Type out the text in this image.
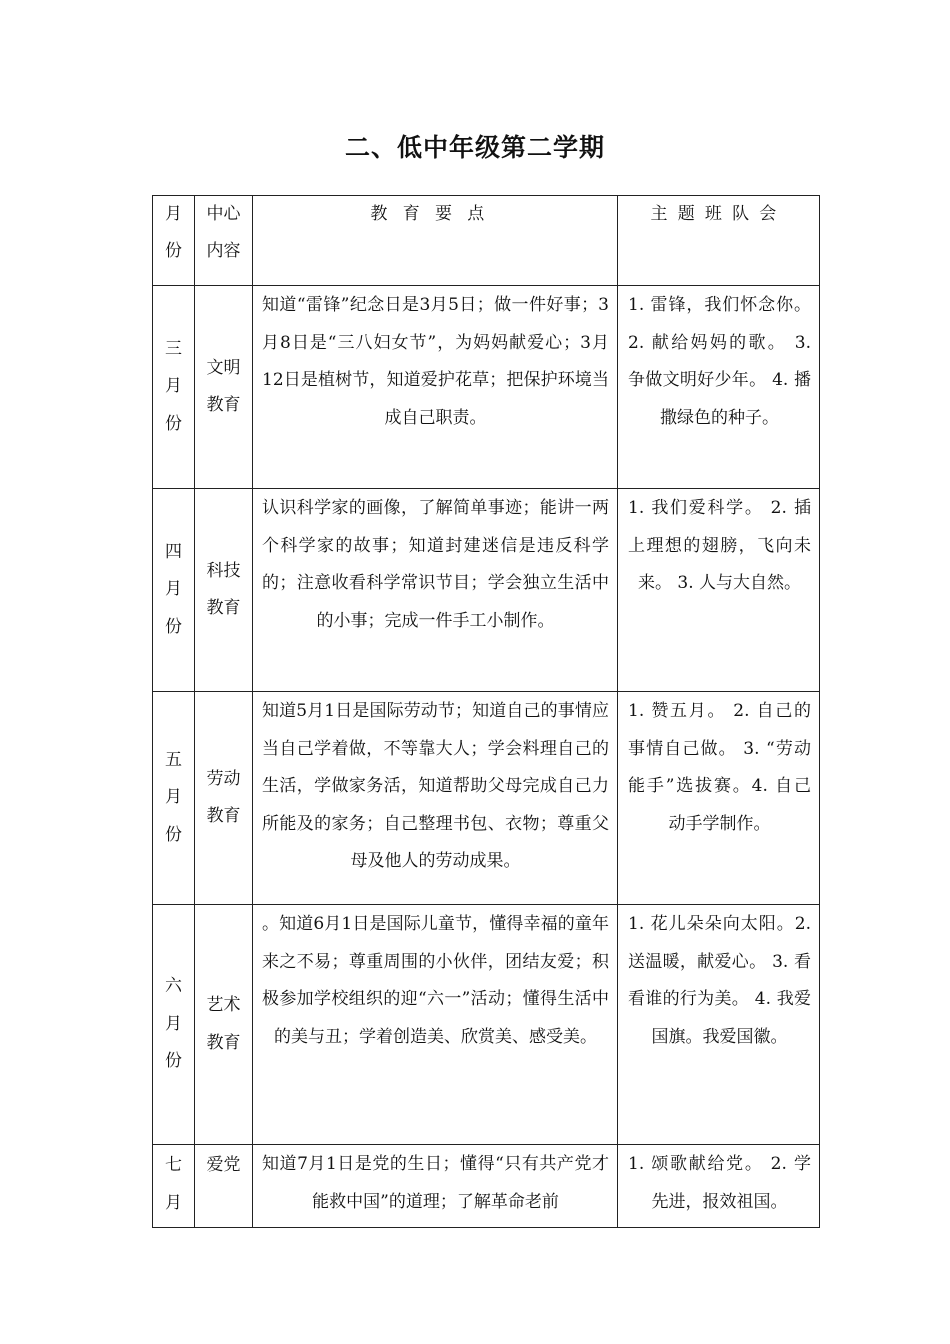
二、低中年级第二学期
月
份	中心
内容	教育要点	主题班队会

三
月
份	文明
教育	知道“雷锋”纪念日是3月5日；做一件好事；3月8日是“三八妇女节”，为妈妈献爱心；3月12日是植树节，知道爱护花草；把保护环境当成自己职责。	1. 雷锋，我们怀念你。2. 献给妈妈的歌。 3. 争做文明好少年。 4. 播撒绿色的种子。

四
月
份	科技
教育	认识科学家的画像，了解简单事迹；能讲一两个科学家的故事；知道封建迷信是违反科学的；注意收看科学常识节目；学会独立生活中的小事；完成一件手工小制作。	1. 我们爱科学。 2. 插上理想的翅膀，飞向未来。 3. 人与大自然。

五
月
份	劳动
教育	知道5月1日是国际劳动节；知道自己的事情应当自己学着做，不等靠大人；学会料理自己的生活，学做家务活，知道帮助父母完成自己力所能及的家务；自己整理书包、衣物；尊重父母及他人的劳动成果。	1. 赞五月。 2. 自己的事情自己做。 3. “劳动能手”选拔赛。4. 自己动手学制作。

六
月
份	艺术
教育	。知道6月1日是国际儿童节，懂得幸福的童年来之不易；尊重周围的小伙伴，团结友爱；积极参加学校组织的迎“六一”活动；懂得生活中的美与丑；学着创造美、欣赏美、感受美。	1. 花儿朵朵向太阳。2. 送温暖，献爱心。 3. 看看谁的行为美。 4. 我爱国旗。我爱国徽。

七
月	爱党	知道7月1日是党的生日；懂得“只有共产党才能救中国”的道理；了解革命老前	1. 颂歌献给党。 2. 学先进，报效祖国。
